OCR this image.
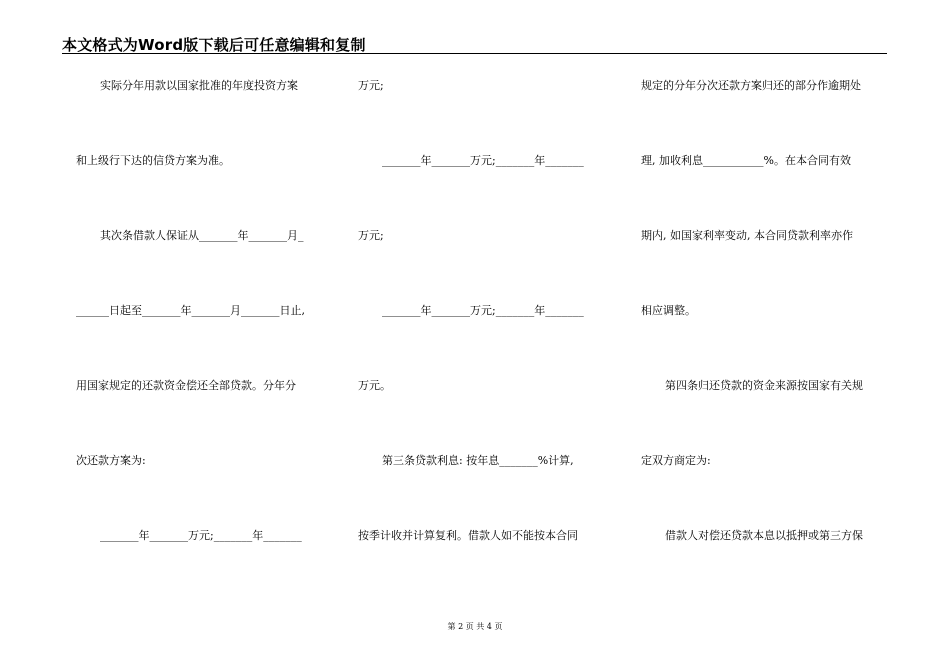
本文格式为Word版下载后可任意编辑和复制
实际分年用款以国家批准的年度投资方案
和上级行下达的信贷方案为准。
其次条借款人保证从_______年_______月_
______日起至_______年_______月_______日止,
用国家规定的还款资金偿还全部贷款。分年分
次还款方案为:
_______年_______万元;_______年_______
万元;
_______年_______万元;_______年_______
万元;
_______年_______万元;_______年_______
万元。
第三条贷款利息: 按年息_______%计算,
按季计收并计算复利。借款人如不能按本合同
规定的分年分次还款方案归还的部分作逾期处
理, 加收利息___________%。在本合同有效
期内, 如国家利率变动, 本合同贷款利率亦作
相应调整。
第四条归还贷款的资金来源按国家有关规
定双方商定为:
借款人对偿还贷款本息以抵押或第三方保
第 2 页 共 4 页
